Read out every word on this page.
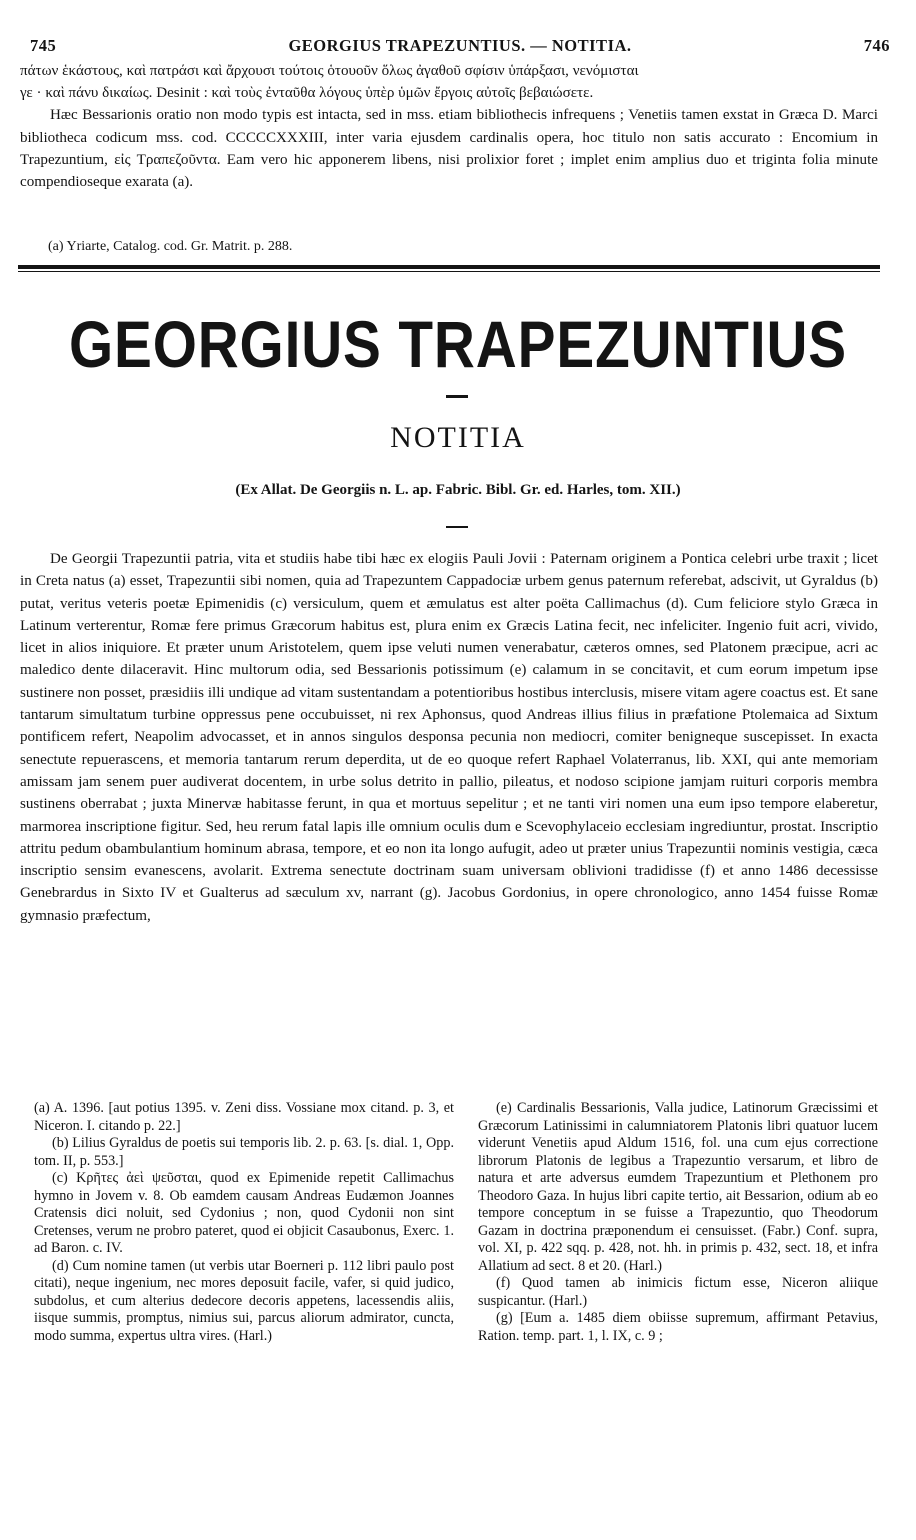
745	GEORGIUS TRAPEZUNTIUS. — NOTITIA.	746

πάτων ἑκάστους, καὶ πατράσι καὶ ἄρχουσι τούτοις ὁτουοῦν ὅλως ἀγαθοῦ σφίσιν ὑπάρξασι, νενόμισται

γε · καὶ πάνυ δικαίως. Desinit : καὶ τοὺς ἐνταῦθα λόγους ὑπὲρ ὑμῶν ἔργοις αὐτοῖς βεβαιώσετε.

Hæc Bessarionis oratio non modo typis est intacta, sed in mss. etiam bibliothecis infrequens ; Venetiis tamen exstat in Græca D. Marci bibliotheca codicum mss. cod. CCCCCXXXIII, inter varia ejusdem cardinalis opera, hoc titulo non satis accurato : Encomium in Trapezuntium, εἰς Τραπεζοῦντα. Eam vero hic apponerem libens, nisi prolixior foret ; implet enim amplius duo et triginta folia minute compendioseque exarata (a).

(a) Yriarte, Catalog. cod. Gr. Matrit. p. 288.
GEORGIUS TRAPEZUNTIUS
NOTITIA
(Ex Allat. De Georgiis n. L. ap. Fabric. Bibl. Gr. ed. Harles, tom. XII.)

De Georgii Trapezuntii patria, vita et studiis habe tibi hæc ex elogiis Pauli Jovii : Paternam originem a Pontica celebri urbe traxit ; licet in Creta natus (a) esset, Trapezuntii sibi nomen, quia ad Trapezuntem Cappadociæ urbem genus paternum referebat, adscivit, ut Gyraldus (b) putat, veritus veteris poetæ Epimenidis (c) versiculum, quem et æmulatus est alter poëta Callimachus (d). Cum feliciore stylo Græca in Latinum verterentur, Romæ fere primus Græcorum habitus est, plura enim ex Græcis Latina fecit, nec infeliciter. Ingenio fuit acri, vivido, licet in alios iniquiore. Et præter unum Aristotelem, quem ipse veluti numen venerabatur, cæteros omnes, sed Platonem præcipue, acri ac maledico dente dilaceravit. Hinc multorum odia, sed Bessarionis potissimum (e) calamum in se concitavit, et cum eorum impetum ipse sustinere non posset, præsidiis illi undique ad vitam sustentandam a potentioribus hostibus interclusis, misere vitam agere coactus est. Et sane tantarum simultatum turbine oppressus pene occubuisset, ni rex Aphonsus, quod Andreas illius filius in præfatione Ptolemaica ad Sixtum pontificem refert, Neapolim advocasset, et in annos singulos desponsa pecunia non mediocri, comiter benigneque suscepisset. In exacta senectute repuerascens, et memoria tantarum rerum deperdita, ut de eo quoque refert Raphael Volaterranus, lib. XXI, qui ante memoriam amissam jam senem puer audiverat docentem, in urbe solus detrito in pallio, pileatus, et nodoso scipione jamjam ruituri corporis membra sustinens oberrabat ; juxta Minervæ habitasse ferunt, in qua et mortuus sepelitur ; et ne tanti viri nomen una eum ipso tempore elaberetur, marmorea inscriptione figitur. Sed, heu rerum fatal lapis ille omnium oculis dum e Scevophylaceio ecclesiam ingrediuntur, prostat. Inscriptio attritu pedum obambulantium hominum abrasa, tempore, et eo non ita longo aufugit, adeo ut præter unius Trapezuntii nominis vestigia, cæca inscriptio sensim evanescens, avolarit. Extrema senectute doctrinam suam universam oblivioni tradidisse (f) et anno 1486 decessisse Genebrardus in Sixto IV et Gualterus ad sæculum xv, narrant (g). Jacobus Gordonius, in opere chronologico, anno 1454 fuisse Romæ gymnasio præfectum,

(a) A. 1396. [aut potius 1395. v. Zeni diss. Vossiane mox citand. p. 3, et Niceron. I. citando p. 22.]

(b) Lilius Gyraldus de poetis sui temporis lib. 2. p. 63. [s. dial. 1, Opp. tom. II, p. 553.]

(c) Κρῆτες ἀεὶ ψεῦσται, quod ex Epimenide repetit Callimachus hymno in Jovem v. 8. Ob eamdem causam Andreas Eudæmon Joannes Cratensis dici noluit, sed Cydonius ; non, quod Cydonii non sint Cretenses, verum ne probro pateret, quod ei objicit Casaubonus, Exerc. 1. ad Baron. c. IV.

(d) Cum nomine tamen (ut verbis utar Boerneri p. 112 libri paulo post citati), neque ingenium, nec mores deposuit facile, vafer, si quid judico, subdolus, et cum alterius dedecore decoris appetens, lacessendis aliis, iisque summis, promptus, nimius sui, parcus aliorum admirator, cuncta, modo summa, expertus ultra vires. (Harl.)

(e) Cardinalis Bessarionis, Valla judice, Latinorum Græcissimi et Græcorum Latinissimi in calumniatorem Platonis libri quatuor lucem viderunt Venetiis apud Aldum 1516, fol. una cum ejus correctione librorum Platonis de legibus a Trapezuntio versarum, et libro de natura et arte adversus eumdem Trapezuntium et Plethonem pro Theodoro Gaza. In hujus libri capite tertio, ait Bessarion, odium ab eo tempore conceptum in se fuisse a Trapezuntio, quo Theodorum Gazam in doctrina præponendum ei censuisset. (Fabr.) Conf. supra, vol. XI, p. 422 sqq. p. 428, not. hh. in primis p. 432, sect. 18, et infra Allatium ad sect. 8 et 20. (Harl.)

(f) Quod tamen ab inimicis fictum esse, Niceron aliique suspicantur. (Harl.)

(g) [Eum a. 1485 diem obiisse supremum, affirmant Petavius, Ration. temp. part. 1, l. IX, c. 9 ;
